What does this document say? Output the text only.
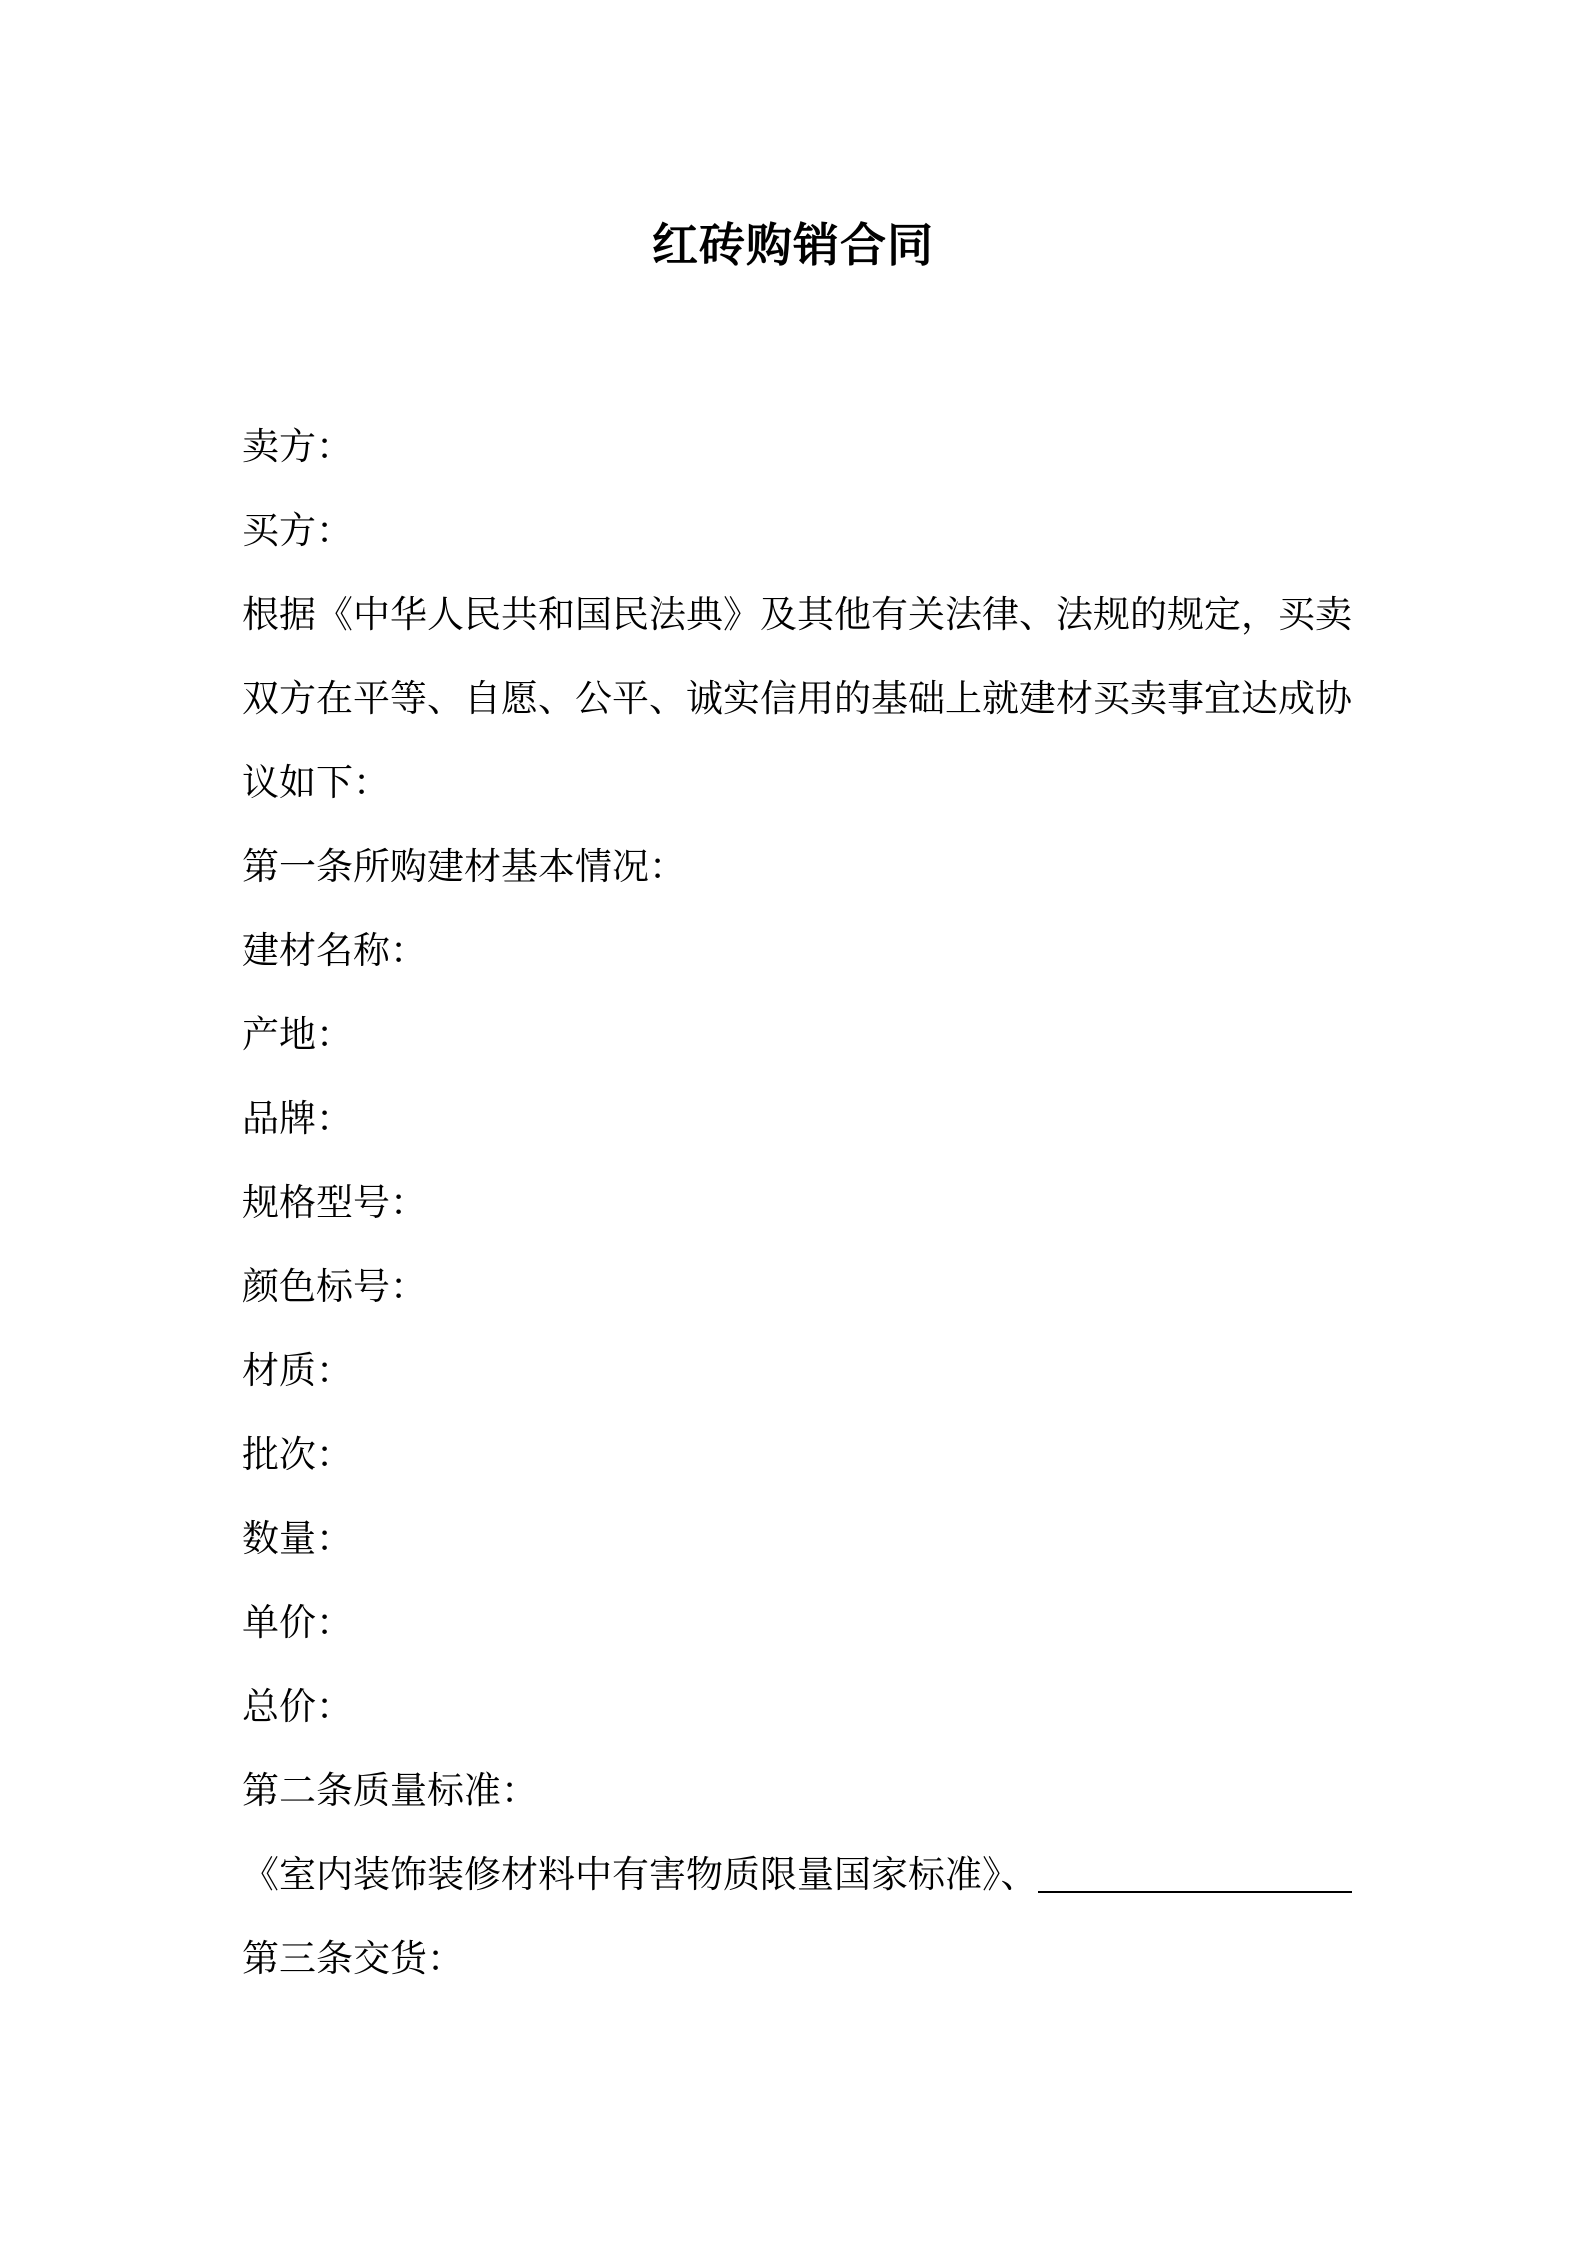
红砖购销合同
卖方：
买方：
根据《中华人民共和国民法典》及其他有关法律、法规的规定，买卖双方在平等、自愿、公平、诚实信用的基础上就建材买卖事宜达成协议如下：
第一条所购建材基本情况：
建材名称：
产地：
品牌：
规格型号：
颜色标号：
材质：
批次：
数量：
单价：
总价：
第二条质量标准：
《室内装饰装修材料中有害物质限量国家标准》、
第三条交货：
